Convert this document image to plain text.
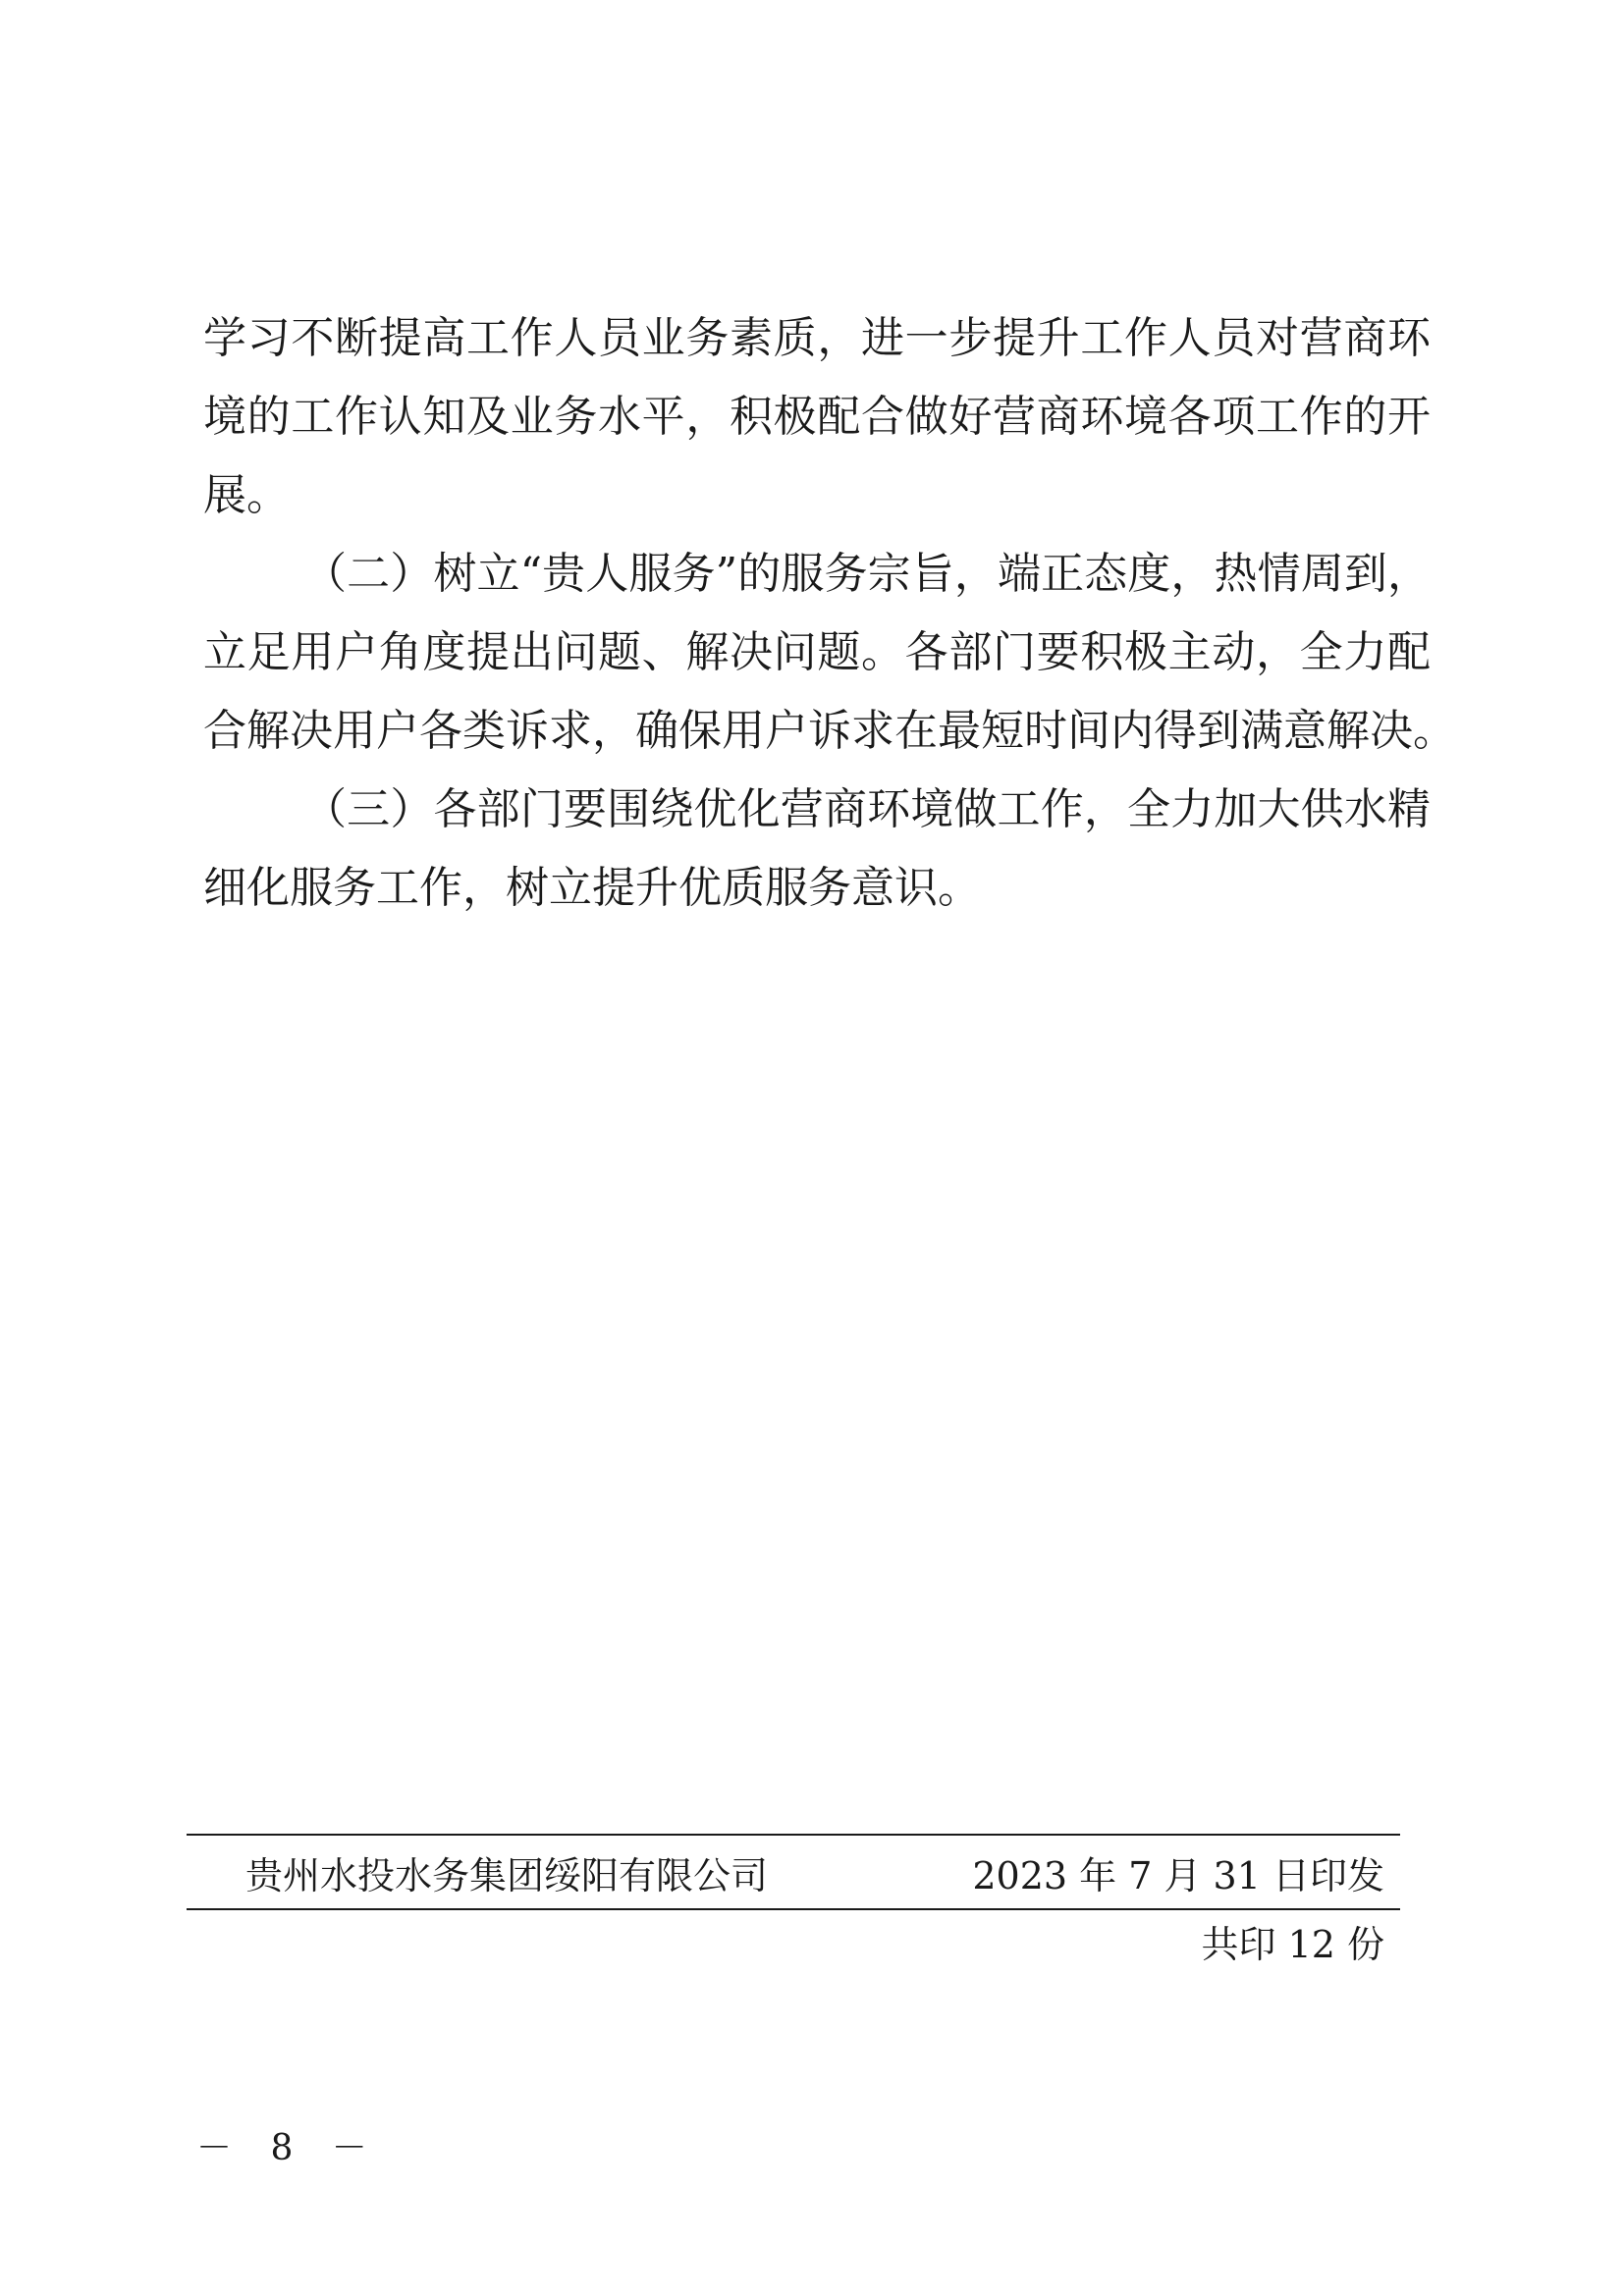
学习不断提高工作人员业务素质，进一步提升工作人员对营商环
境的工作认知及业务水平，积极配合做好营商环境各项工作的开
展。
（二）树立“贵人服务”的服务宗旨，端正态度，热情周到，
立足用户角度提出问题、解决问题。各部门要积极主动，全力配
合解决用户各类诉求，确保用户诉求在最短时间内得到满意解决。
（三）各部门要围绕优化营商环境做工作，全力加大供水精
细化服务工作，树立提升优质服务意识。
贵州水投水务集团绥阳有限公司	2023 年 7 月 31 日印发
共印 12 份
－ 8 －
